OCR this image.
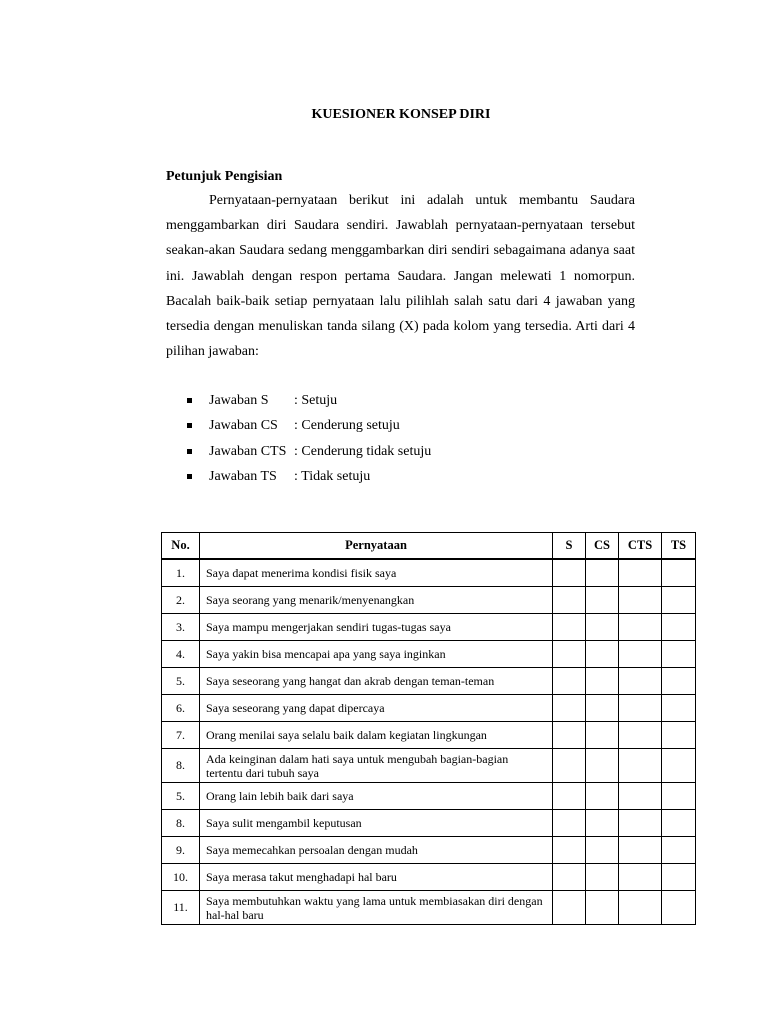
KUESIONER KONSEP DIRI
Petunjuk Pengisian

Pernyataan-pernyataan berikut ini adalah untuk membantu Saudara menggambarkan diri Saudara sendiri. Jawablah pernyataan-pernyataan tersebut seakan-akan Saudara sedang menggambarkan diri sendiri sebagaimana adanya saat ini. Jawablah dengan respon pertama Saudara. Jangan melewati 1 nomorpun. Bacalah baik-baik setiap pernyataan lalu pilihlah salah satu dari 4 jawaban yang tersedia dengan menuliskan tanda silang (X) pada kolom yang tersedia. Arti dari 4 pilihan jawaban:

Jawaban S : Setuju
Jawaban CS : Cenderung setuju
Jawaban CTS : Cenderung tidak setuju
Jawaban TS : Tidak setuju
No.	Pernyataan	S	CS	CTS	TS
1.	Saya dapat menerima kondisi fisik saya				
2.	Saya seorang yang menarik/menyenangkan				
3.	Saya mampu mengerjakan sendiri tugas-tugas saya				
4.	Saya yakin bisa mencapai apa yang saya inginkan				
5.	Saya seseorang yang hangat dan akrab dengan teman-teman				
6.	Saya seseorang yang dapat dipercaya				
7.	Orang menilai saya selalu baik dalam kegiatan lingkungan				
8.	Ada keinginan dalam hati saya untuk mengubah bagian-bagian tertentu dari tubuh saya				
5.	Orang lain lebih baik dari saya				
8.	Saya sulit mengambil keputusan				
9.	Saya memecahkan persoalan dengan mudah				
10.	Saya merasa takut menghadapi hal baru				
11.	Saya membutuhkan waktu yang lama untuk membiasakan diri dengan hal-hal baru				
